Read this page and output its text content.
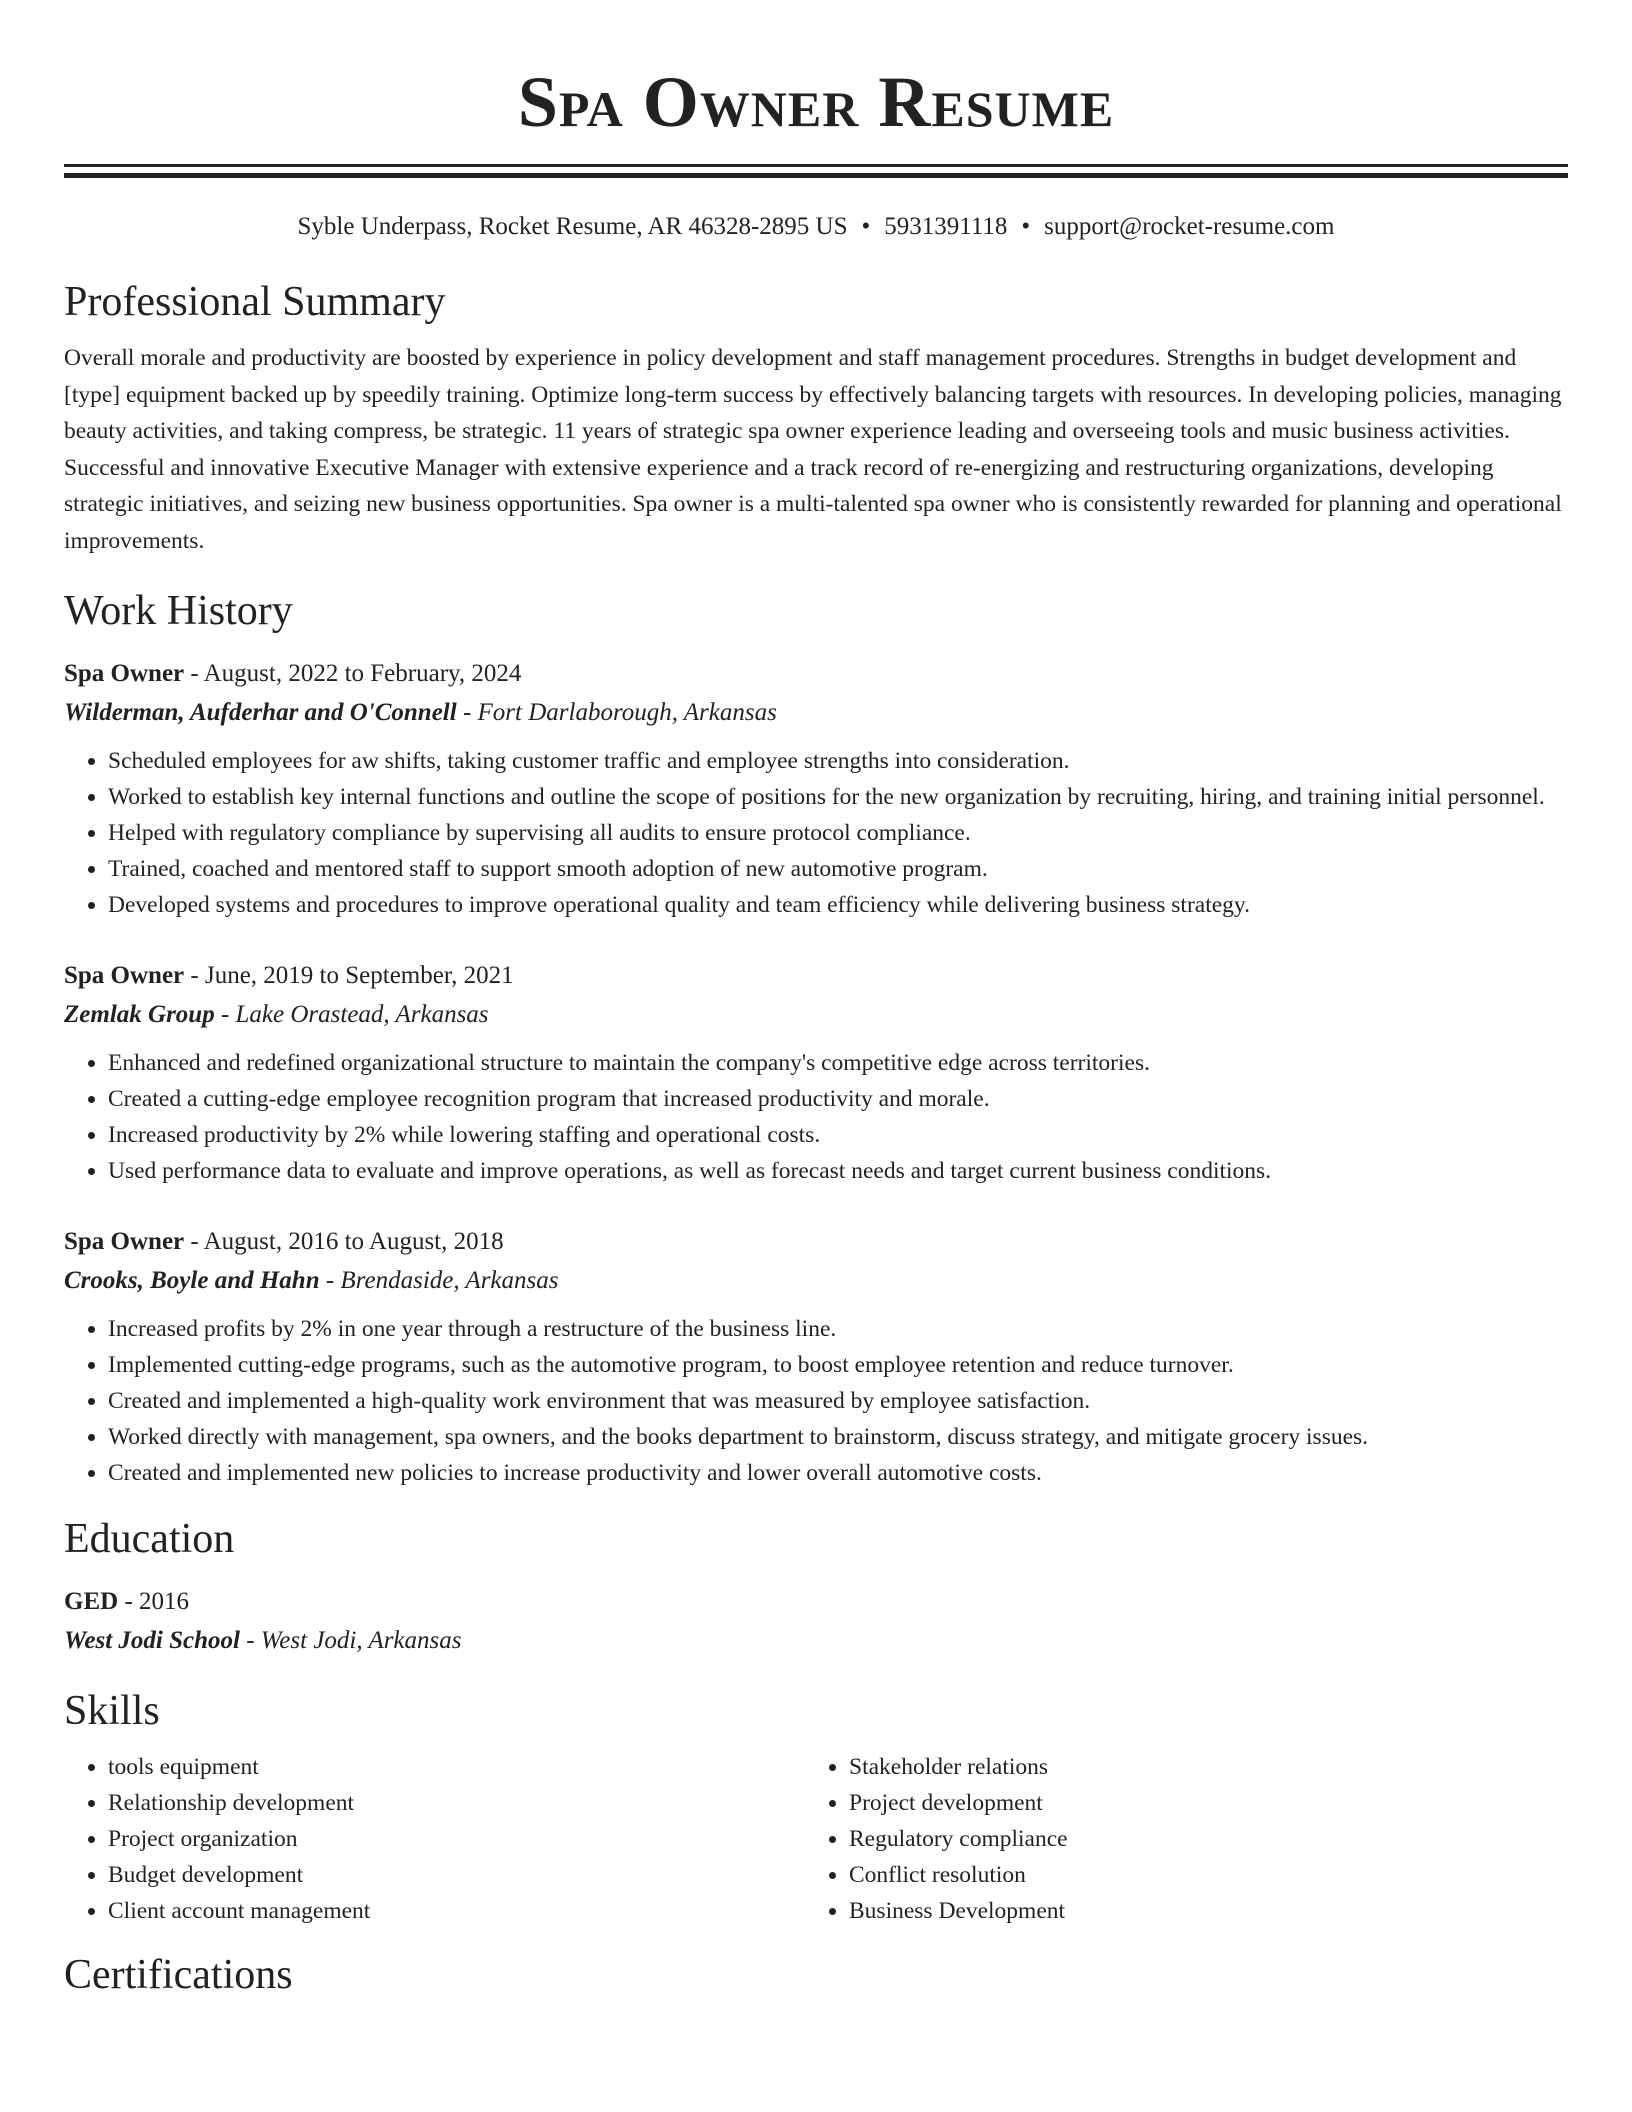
Spa Owner Resume
Syble Underpass, Rocket Resume, AR 46328-2895 US • 5931391118 • support@rocket-resume.com
Professional Summary

Overall morale and productivity are boosted by experience in policy development and staff management procedures. Strengths in budget development and [type] equipment backed up by speedily training. Optimize long-term success by effectively balancing targets with resources. In developing policies, managing beauty activities, and taking compress, be strategic. 11 years of strategic spa owner experience leading and overseeing tools and music business activities. Successful and innovative Executive Manager with extensive experience and a track record of re-energizing and restructuring organizations, developing strategic initiatives, and seizing new business opportunities. Spa owner is a multi-talented spa owner who is consistently rewarded for planning and operational improvements.

Work History
Spa Owner - August, 2022 to February, 2024
Wilderman, Aufderhar and O'Connell - Fort Darlaborough, Arkansas
• Scheduled employees for aw shifts, taking customer traffic and employee strengths into consideration.
• Worked to establish key internal functions and outline the scope of positions for the new organization by recruiting, hiring, and training initial personnel.
• Helped with regulatory compliance by supervising all audits to ensure protocol compliance.
• Trained, coached and mentored staff to support smooth adoption of new automotive program.
• Developed systems and procedures to improve operational quality and team efficiency while delivering business strategy.
Spa Owner - June, 2019 to September, 2021
Zemlak Group - Lake Orastead, Arkansas
• Enhanced and redefined organizational structure to maintain the company's competitive edge across territories.
• Created a cutting-edge employee recognition program that increased productivity and morale.
• Increased productivity by 2% while lowering staffing and operational costs.
• Used performance data to evaluate and improve operations, as well as forecast needs and target current business conditions.
Spa Owner - August, 2016 to August, 2018
Crooks, Boyle and Hahn - Brendaside, Arkansas
• Increased profits by 2% in one year through a restructure of the business line.
• Implemented cutting-edge programs, such as the automotive program, to boost employee retention and reduce turnover.
• Created and implemented a high-quality work environment that was measured by employee satisfaction.
• Worked directly with management, spa owners, and the books department to brainstorm, discuss strategy, and mitigate grocery issues.
• Created and implemented new policies to increase productivity and lower overall automotive costs.
Education
GED - 2016
West Jodi School - West Jodi, Arkansas
Skills
• tools equipment
• Relationship development
• Project organization
• Budget development
• Client account management
• Stakeholder relations
• Project development
• Regulatory compliance
• Conflict resolution
• Business Development
Certifications
